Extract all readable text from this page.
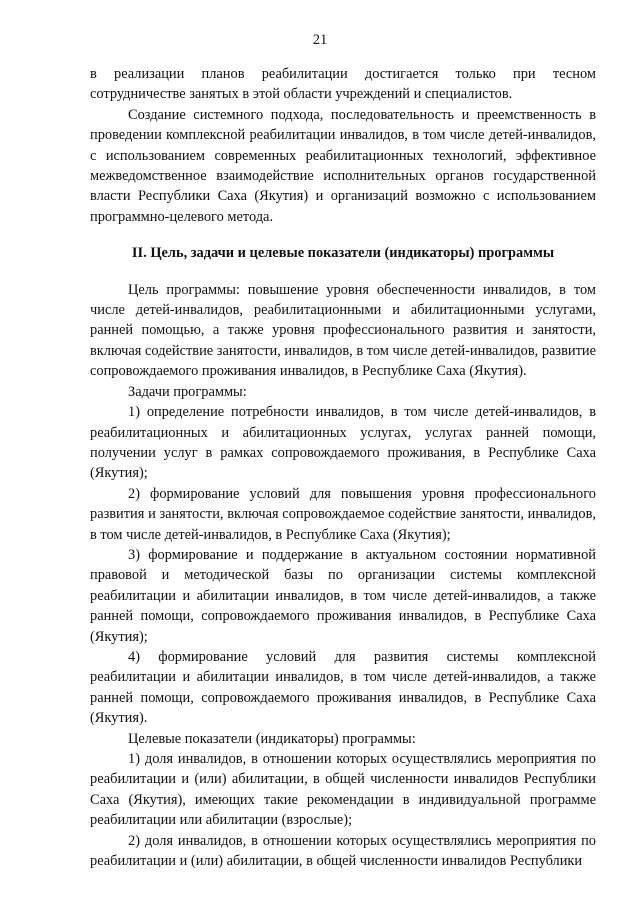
21

в реализации планов реабилитации достигается только при тесном сотрудничестве занятых в этой области учреждений и специалистов.

Создание системного подхода, последовательность и преемственность в проведении комплексной реабилитации инвалидов, в том числе детей-инвалидов, с использованием современных реабилитационных технологий, эффективное межведомственное взаимодействие исполнительных органов государственной власти Республики Саха (Якутия) и организаций возможно с использованием программно-целевого метода.

II. Цель, задачи и целевые показатели (индикаторы) программы

Цель программы: повышение уровня обеспеченности инвалидов, в том числе детей-инвалидов, реабилитационными и абилитационными услугами, ранней помощью, а также уровня профессионального развития и занятости, включая содействие занятости, инвалидов, в том числе детей-инвалидов, развитие сопровождаемого проживания инвалидов, в Республике Саха (Якутия).

Задачи программы:

1) определение потребности инвалидов, в том числе детей-инвалидов, в реабилитационных и абилитационных услугах, услугах ранней помощи, получении услуг в рамках сопровождаемого проживания, в Республике Саха (Якутия);

2) формирование условий для повышения уровня профессионального развития и занятости, включая сопровождаемое содействие занятости, инвалидов, в том числе детей-инвалидов, в Республике Саха (Якутия);

3) формирование и поддержание в актуальном состоянии нормативной правовой и методической базы по организации системы комплексной реабилитации и абилитации инвалидов, в том числе детей-инвалидов, а также ранней помощи, сопровождаемого проживания инвалидов, в Республике Саха (Якутия);

4) формирование условий для развития системы комплексной реабилитации и абилитации инвалидов, в том числе детей-инвалидов, а также ранней помощи, сопровождаемого проживания инвалидов, в Республике Саха (Якутия).

Целевые показатели (индикаторы) программы:

1) доля инвалидов, в отношении которых осуществлялись мероприятия по реабилитации и (или) абилитации, в общей численности инвалидов Республики Саха (Якутия), имеющих такие рекомендации в индивидуальной программе реабилитации или абилитации (взрослые);

2) доля инвалидов, в отношении которых осуществлялись мероприятия по реабилитации и (или) абилитации, в общей численности инвалидов Республики
